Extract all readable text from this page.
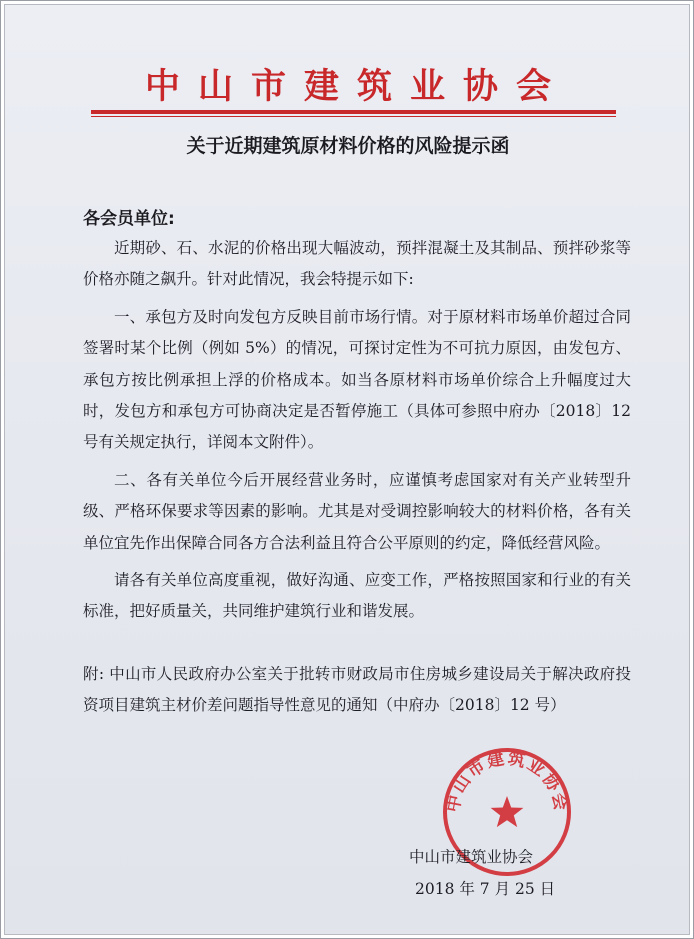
中山市建筑业协会
关于近期建筑原材料价格的风险提示函
各会员单位:

近期砂、石、水泥的价格出现大幅波动，预拌混凝土及其制品、预拌砂浆等价格亦随之飙升。针对此情况，我会特提示如下:

一、承包方及时向发包方反映目前市场行情。对于原材料市场单价超过合同签署时某个比例（例如 5%）的情况，可探讨定性为不可抗力原因，由发包方、承包方按比例承担上浮的价格成本。如当各原材料市场单价综合上升幅度过大时，发包方和承包方可协商决定是否暂停施工（具体可参照中府办〔2018〕12 号有关规定执行，详阅本文附件）。

二、各有关单位今后开展经营业务时，应谨慎考虑国家对有关产业转型升级、严格环保要求等因素的影响。尤其是对受调控影响较大的材料价格，各有关单位宜先作出保障合同各方合法利益且符合公平原则的约定，降低经营风险。

请各有关单位高度重视，做好沟通、应变工作，严格按照国家和行业的有关标准，把好质量关，共同维护建筑行业和谐发展。

附: 中山市人民政府办公室关于批转市财政局市住房城乡建设局关于解决政府投资项目建筑主材价差问题指导性意见的通知（中府办〔2018〕12 号）
中山市建筑业协会
中山市建筑业协会
2018 年 7 月 25 日
